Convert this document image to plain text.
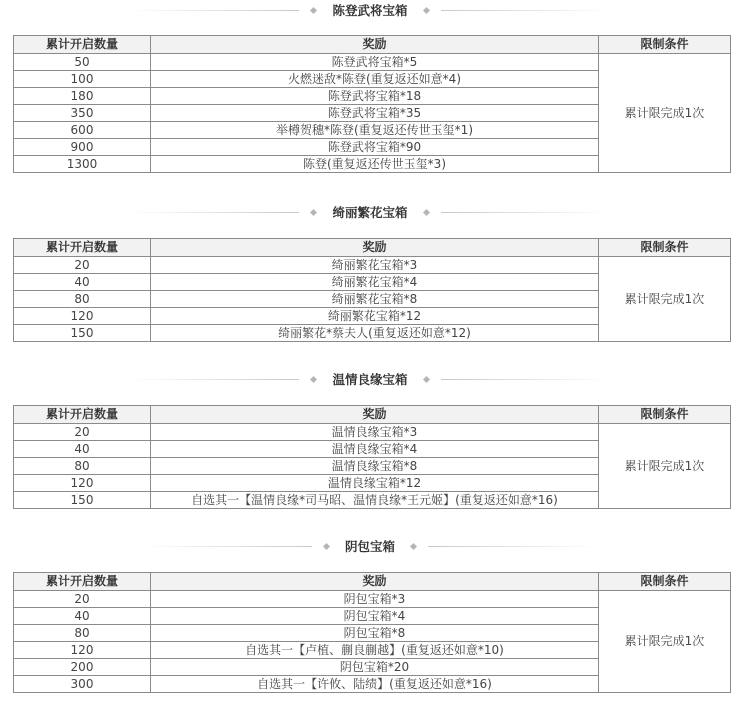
陈登武将宝箱
累计开启数量	奖励	限制条件
50	陈登武将宝箱*5	累计限完成1次
100	火燃迷敌*陈登(重复返还如意*4)	
180	陈登武将宝箱*18	
350	陈登武将宝箱*35	
600	举樽贺穗*陈登(重复返还传世玉玺*1)	
900	陈登武将宝箱*90	
1300	陈登(重复返还传世玉玺*3)	
绮丽繁花宝箱
累计开启数量	奖励	限制条件
20	绮丽繁花宝箱*3	累计限完成1次
40	绮丽繁花宝箱*4	
80	绮丽繁花宝箱*8	
120	绮丽繁花宝箱*12	
150	绮丽繁花*蔡夫人(重复返还如意*12)	
温情良缘宝箱
累计开启数量	奖励	限制条件
20	温情良缘宝箱*3	累计限完成1次
40	温情良缘宝箱*4	
80	温情良缘宝箱*8	
120	温情良缘宝箱*12	
150	自选其一【温情良缘*司马昭、温情良缘*王元姬】(重复返还如意*16)	
阴包宝箱
累计开启数量	奖励	限制条件
20	阴包宝箱*3	累计限完成1次
40	阴包宝箱*4	
80	阴包宝箱*8	
120	自选其一【卢植、蒯良蒯越】(重复返还如意*10)	
200	阴包宝箱*20	
300	自选其一【许攸、陆绩】(重复返还如意*16)	
